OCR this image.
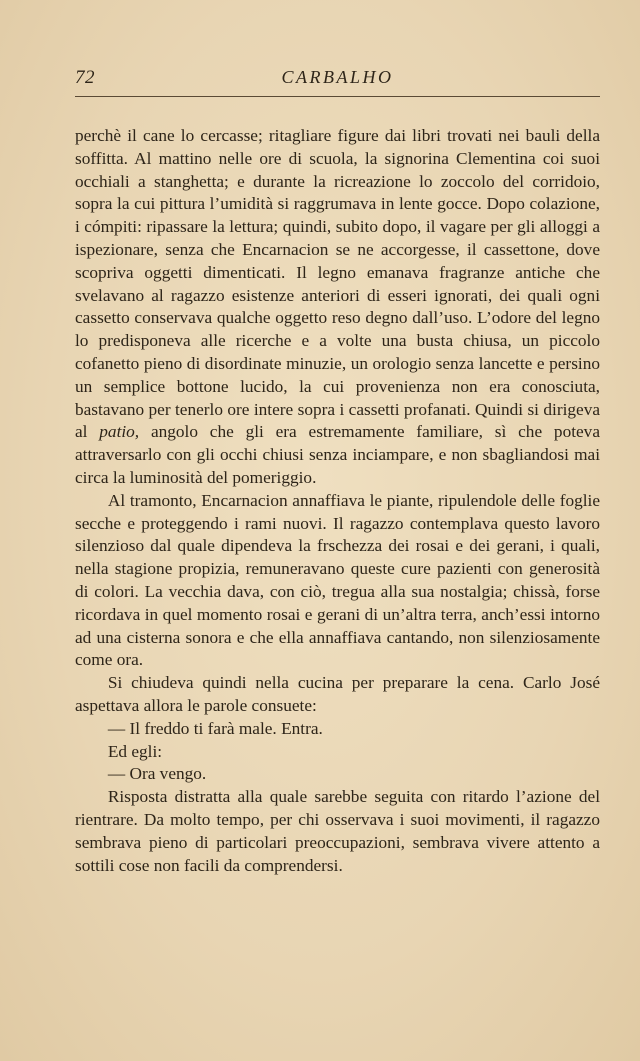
72	CARBALHO

perchè il cane lo cercasse; ritagliare figure dai libri trovati nei bauli della soffitta. Al mattino nelle ore di scuola, la signorina Clementina coi suoi occhiali a stanghetta; e durante la ricreazione lo zoccolo del corridoio, sopra la cui pittura l’umidità si raggrumava in lente gocce. Dopo colazione, i cómpiti: ripassare la lettura; quindi, subito dopo, il vagare per gli alloggi a ispezionare, senza che Encarnacion se ne accorgesse, il cassettone, dove scopriva oggetti dimenticati. Il legno emanava fragranze antiche che svelavano al ragazzo esistenze anteriori di esseri ignorati, dei quali ogni cassetto conservava qualche oggetto reso degno dall’uso. L’odore del legno lo predisponeva alle ricerche e a volte una busta chiusa, un piccolo cofanetto pieno di disordinate minuzie, un orologio senza lancette e persino un semplice bottone lucido, la cui provenienza non era conosciuta, bastavano per tenerlo ore intere sopra i cassetti profanati. Quindi si dirigeva al patio, angolo che gli era estremamente familiare, sì che poteva attraversarlo con gli occhi chiusi senza inciampare, e non sbagliandosi mai circa la luminosità del pomeriggio.

Al tramonto, Encarnacion annaffiava le piante, ripulendole delle foglie secche e proteggendo i rami nuovi. Il ragazzo contemplava questo lavoro silenzioso dal quale dipendeva la frschezza dei rosai e dei gerani, i quali, nella stagione propizia, remuneravano queste cure pazienti con generosità di colori. La vecchia dava, con ciò, tregua alla sua nostalgia; chissà, forse ricordava in quel momento rosai e gerani di un’altra terra, anch’essi intorno ad una cisterna sonora e che ella annaffiava cantando, non silenziosamente come ora.

Si chiudeva quindi nella cucina per preparare la cena. Carlo José aspettava allora le parole consuete:

— Il freddo ti farà male. Entra.

Ed egli:

— Ora vengo.

Risposta distratta alla quale sarebbe seguita con ritardo l’azione del rientrare. Da molto tempo, per chi osservava i suoi movimenti, il ragazzo sembrava pieno di particolari preoccupazioni, sembrava vivere attento a sottili cose non facili da comprendersi.
